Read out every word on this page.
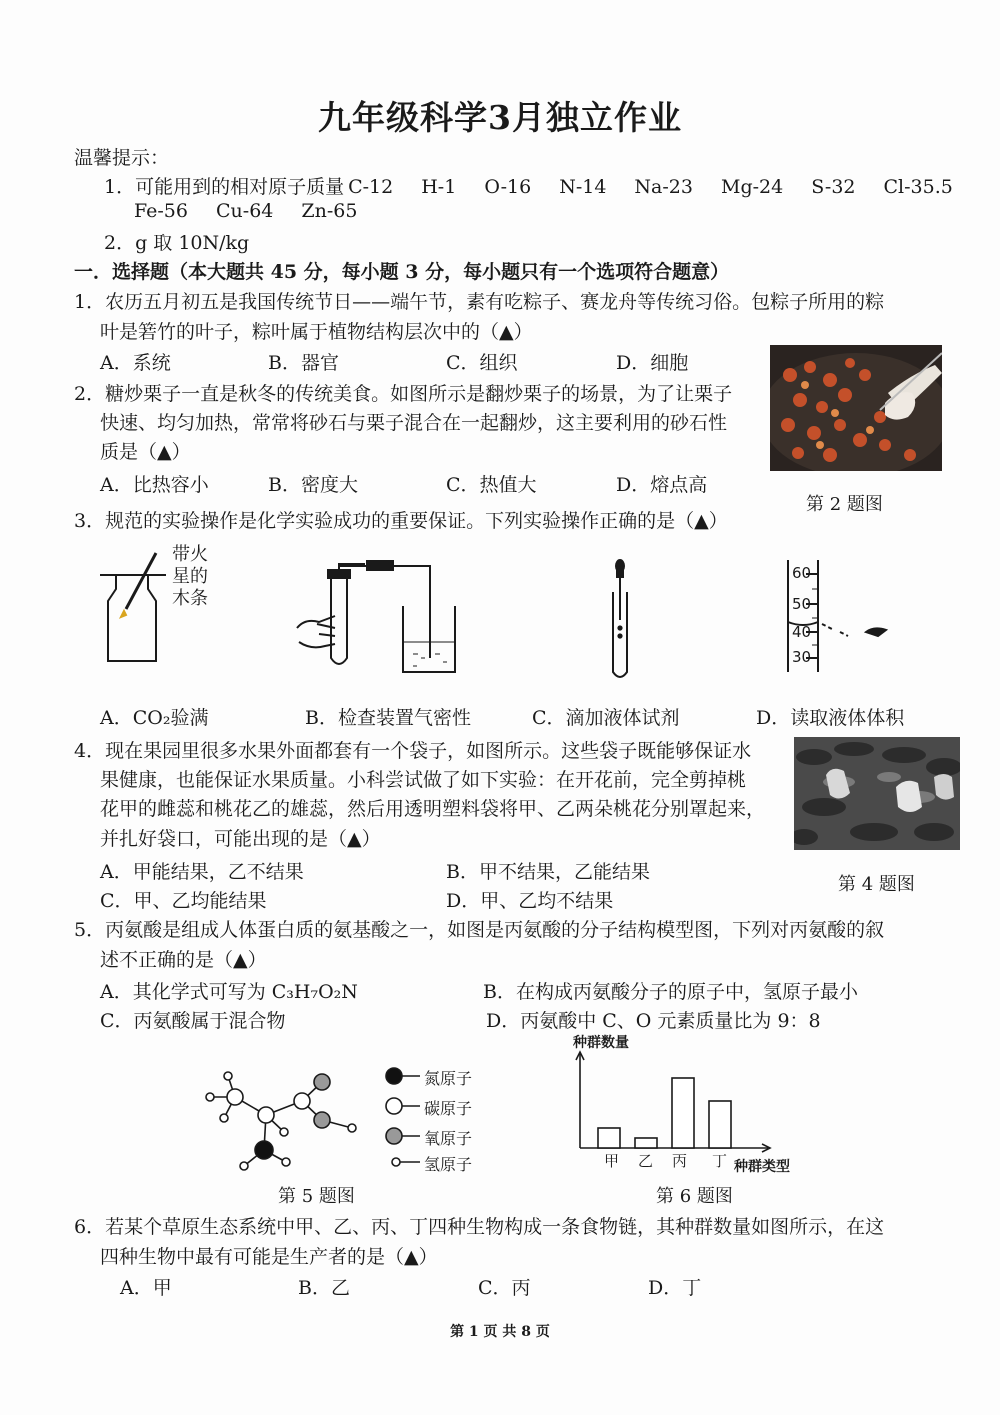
九年级科学3月独立作业
温馨提示：
1．可能用到的相对原子质量 C-12 H-1 O-16 N-14 Na-23 Mg-24 S-32 Cl-35.5
Fe-56 Cu-64 Zn-65
2．g 取 10N/kg
一．选择题（本大题共 45 分，每小题 3 分，每小题只有一个选项符合题意）
1．农历五月初五是我国传统节日——端午节，素有吃粽子、赛龙舟等传统习俗。包粽子所用的粽
叶是箬竹的叶子，粽叶属于植物结构层次中的（▲）
A．系统	B．器官	C．组织	D．细胞
2．糖炒栗子一直是秋冬的传统美食。如图所示是翻炒栗子的场景，为了让栗子
快速、均匀加热，常常将砂石与栗子混合在一起翻炒，这主要利用的砂石性
质是（▲）
A．比热容小	B．密度大	C．热值大	D．熔点高
第 2 题图
3．规范的实验操作是化学实验成功的重要保证。下列实验操作正确的是（▲）
带火
星的
木条
60
50
40
30
A．CO₂验满	B．检查装置气密性	C．滴加液体试剂	D．读取液体体积
4．现在果园里很多水果外面都套有一个袋子，如图所示。这些袋子既能够保证水
果健康，也能保证水果质量。小科尝试做了如下实验：在开花前，完全剪掉桃
花甲的雌蕊和桃花乙的雄蕊，然后用透明塑料袋将甲、乙两朵桃花分别罩起来，
并扎好袋口，可能出现的是（▲）
A．甲能结果，乙不结果	B．甲不结果，乙能结果
C．甲、乙均能结果	D．甲、乙均不结果
第 4 题图
5．丙氨酸是组成人体蛋白质的氨基酸之一，如图是丙氨酸的分子结构模型图，下列对丙氨酸的叙
述不正确的是（▲）
A．其化学式可写为 C₃H₇O₂N	B．在构成丙氨酸分子的原子中，氢原子最小
C．丙氨酸属于混合物	D．丙氨酸中 C、O 元素质量比为 9：8
氮原子
碳原子
氧原子
氢原子
第 5 题图
种群数量
种群类型
甲 乙 丙 丁
第 6 题图
6．若某个草原生态系统中甲、乙、丙、丁四种生物构成一条食物链，其种群数量如图所示，在这
四种生物中最有可能是生产者的是（▲）
A．甲	B．乙	C．丙	D．丁
第 1 页 共 8 页
